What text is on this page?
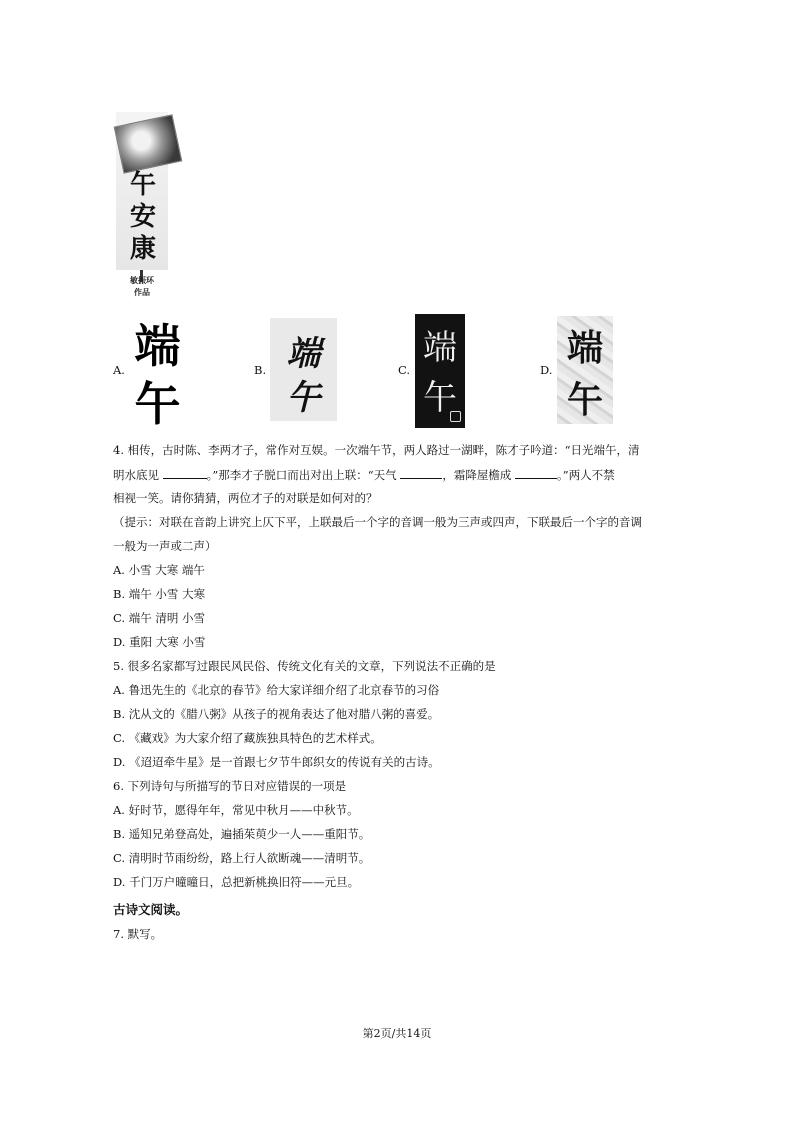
午
安
康
敏振环
作品
A. 端
午
B. 端
午
C.
端
午
D.
端
午
4. 相传，古时陈、李两才子，常作对互娱。一次端午节，两人路过一湖畔，陈才子吟道：“日光端午，清
明水底见	。”那李才子脱口而出对出上联：“天气	，霜降屋檐成	。”两人不禁
相视一笑。请你猜猜，两位才子的对联是如何对的？
（提示：对联在音韵上讲究上仄下平，上联最后一个字的音调一般为三声或四声，下联最后一个字的音调
一般为一声或二声）
A. 小雪 大寒 端午
B. 端午 小雪 大寒
C. 端午 清明 小雪
D. 重阳 大寒 小雪
5. 很多名家都写过跟民风民俗、传统文化有关的文章，下列说法不正确的是
A. 鲁迅先生的《北京的春节》给大家详细介绍了北京春节的习俗
B. 沈从文的《腊八粥》从孩子的视角表达了他对腊八粥的喜爱。
C. 《藏戏》为大家介绍了藏族独具特色的艺术样式。
D. 《迢迢牵牛星》是一首跟七夕节牛郎织女的传说有关的古诗。
6. 下列诗句与所描写的节日对应错误的一项是
A. 好时节，愿得年年，常见中秋月——中秋节。
B. 遥知兄弟登高处，遍插茱萸少一人——重阳节。
C. 清明时节雨纷纷，路上行人欲断魂——清明节。
D. 千门万户曈曈日，总把新桃换旧符——元旦。
古诗文阅读。
7. 默写。
第2页/共14页
